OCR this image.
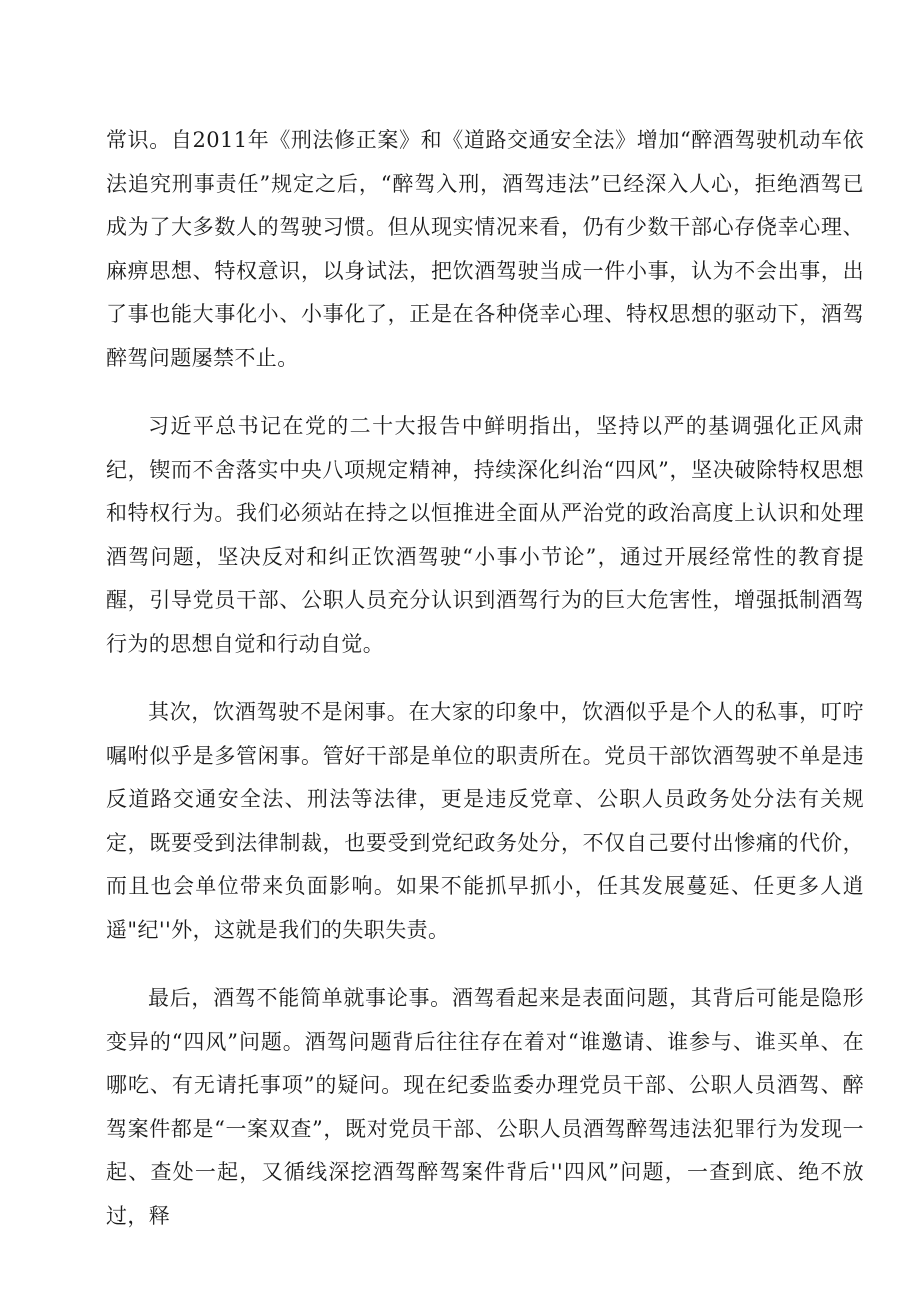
常识。自2011年《刑法修正案》和《道路交通安全法》增加“醉酒驾驶机动车依法追究刑事责任”规定之后，“醉驾入刑，酒驾违法”已经深入人心，拒绝酒驾已成为了大多数人的驾驶习惯。但从现实情况来看，仍有少数干部心存侥幸心理、麻痹思想、特权意识，以身试法，把饮酒驾驶当成一件小事，认为不会出事，出了事也能大事化小、小事化了，正是在各种侥幸心理、特权思想的驱动下，酒驾醉驾问题屡禁不止。

习近平总书记在党的二十大报告中鲜明指出，坚持以严的基调强化正风肃纪，锲而不舍落实中央八项规定精神，持续深化纠治“四风”，坚决破除特权思想和特权行为。我们必须站在持之以恒推进全面从严治党的政治高度上认识和处理酒驾问题，坚决反对和纠正饮酒驾驶“小事小节论”，通过开展经常性的教育提醒，引导党员干部、公职人员充分认识到酒驾行为的巨大危害性，增强抵制酒驾行为的思想自觉和行动自觉。

其次，饮酒驾驶不是闲事。在大家的印象中，饮酒似乎是个人的私事，叮咛嘱咐似乎是多管闲事。管好干部是单位的职责所在。党员干部饮酒驾驶不单是违反道路交通安全法、刑法等法律，更是违反党章、公职人员政务处分法有关规定，既要受到法律制裁，也要受到党纪政务处分，不仅自己要付出惨痛的代价，而且也会单位带来负面影响。如果不能抓早抓小，任其发展蔓延、任更多人逍遥"纪''外，这就是我们的失职失责。

最后，酒驾不能简单就事论事。酒驾看起来是表面问题，其背后可能是隐形变异的“四风”问题。酒驾问题背后往往存在着对“谁邀请、谁参与、谁买单、在哪吃、有无请托事项”的疑问。现在纪委监委办理党员干部、公职人员酒驾、醉驾案件都是“一案双查”，既对党员干部、公职人员酒驾醉驾违法犯罪行为发现一起、查处一起，又循线深挖酒驾醉驾案件背后''四风”问题，一查到底、绝不放过，释
